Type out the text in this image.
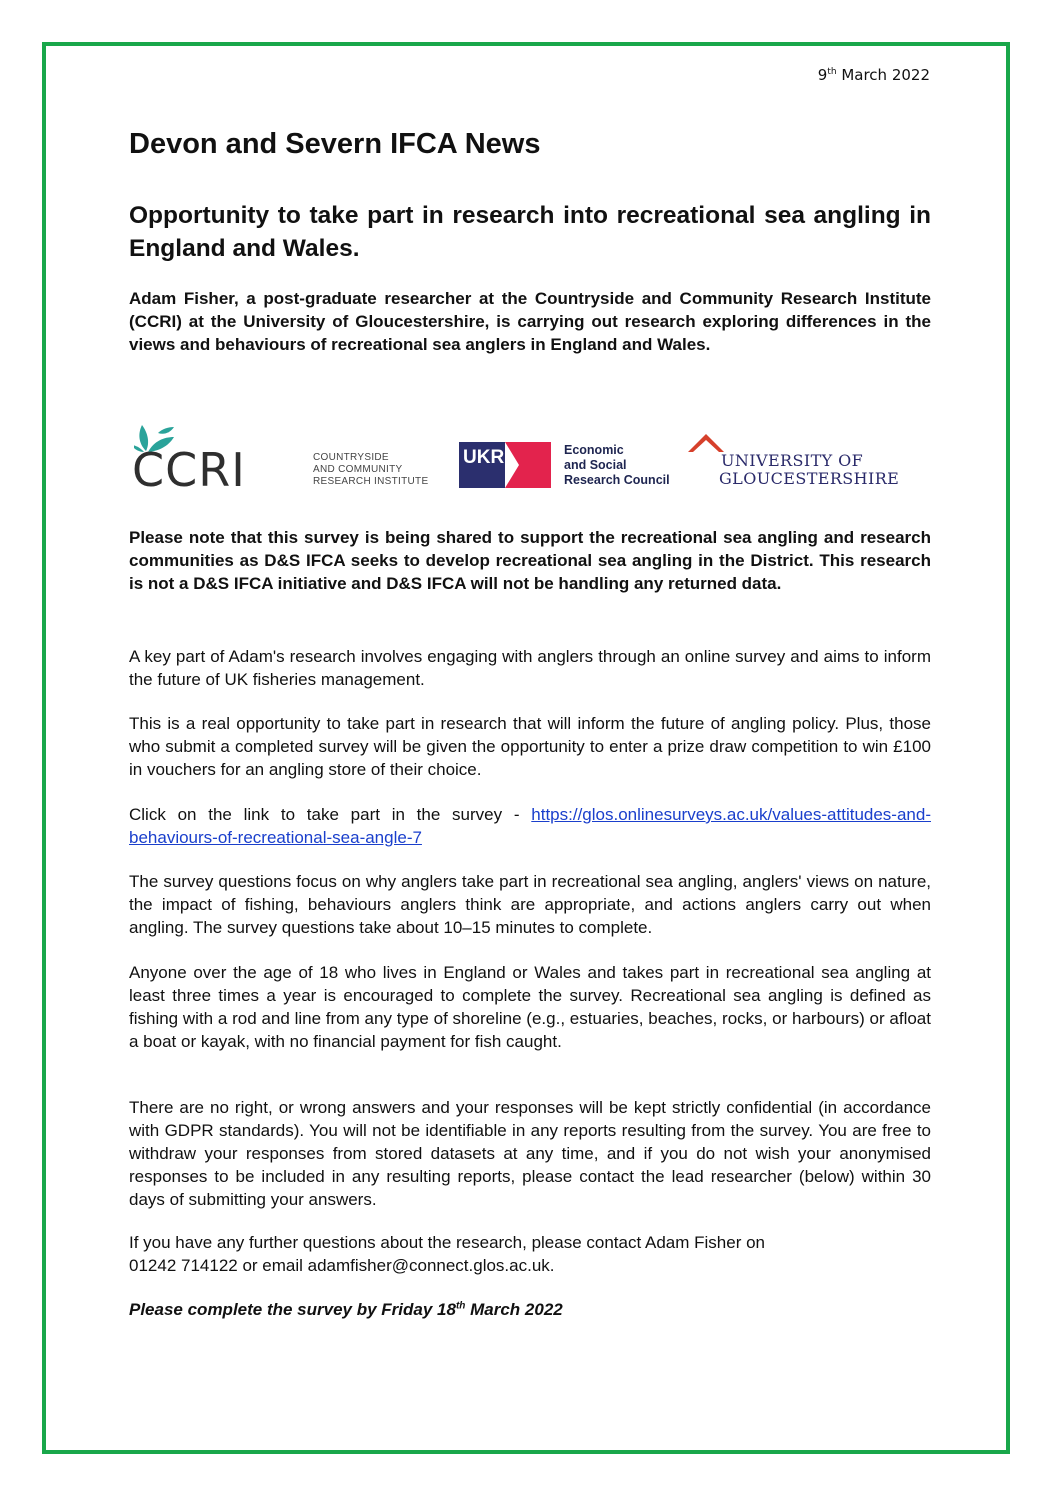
9th March 2022
Devon and Severn IFCA News
Opportunity to take part in research into recreational sea angling in England and Wales.

Adam Fisher, a post-graduate researcher at the Countryside and Community Research Institute (CCRI) at the University of Gloucestershire, is carrying out research exploring differences in the views and behaviours of recreational sea anglers in England and Wales.

CCRI	COUNTRYSIDE
AND COMMUNITY
RESEARCH INSTITUTE
UKRI	Economic
and Social
Research Council
UNIVERSITY OF
GLOUCESTERSHIRE

Please note that this survey is being shared to support the recreational sea angling and research communities as D&S IFCA seeks to develop recreational sea angling in the District. This research is not a D&S IFCA initiative and D&S IFCA will not be handling any returned data.

A key part of Adam's research involves engaging with anglers through an online survey and aims to inform the future of UK fisheries management.

This is a real opportunity to take part in research that will inform the future of angling policy. Plus, those who submit a completed survey will be given the opportunity to enter a prize draw competition to win £100 in vouchers for an angling store of their choice.

Click on the link to take part in the survey - https://glos.onlinesurveys.ac.uk/values-attitudes-and-behaviours-of-recreational-sea-angle-7

The survey questions focus on why anglers take part in recreational sea angling, anglers' views on nature, the impact of fishing, behaviours anglers think are appropriate, and actions anglers carry out when angling. The survey questions take about 10–15 minutes to complete.

Anyone over the age of 18 who lives in England or Wales and takes part in recreational sea angling at least three times a year is encouraged to complete the survey. Recreational sea angling is defined as fishing with a rod and line from any type of shoreline (e.g., estuaries, beaches, rocks, or harbours) or afloat a boat or kayak, with no financial payment for fish caught.

There are no right, or wrong answers and your responses will be kept strictly confidential (in accordance with GDPR standards). You will not be identifiable in any reports resulting from the survey. You are free to withdraw your responses from stored datasets at any time, and if you do not wish your anonymised responses to be included in any resulting reports, please contact the lead researcher (below) within 30 days of submitting your answers.

If you have any further questions about the research, please contact Adam Fisher on
01242 714122 or email adamfisher@connect.glos.ac.uk.

Please complete the survey by Friday 18th March 2022
